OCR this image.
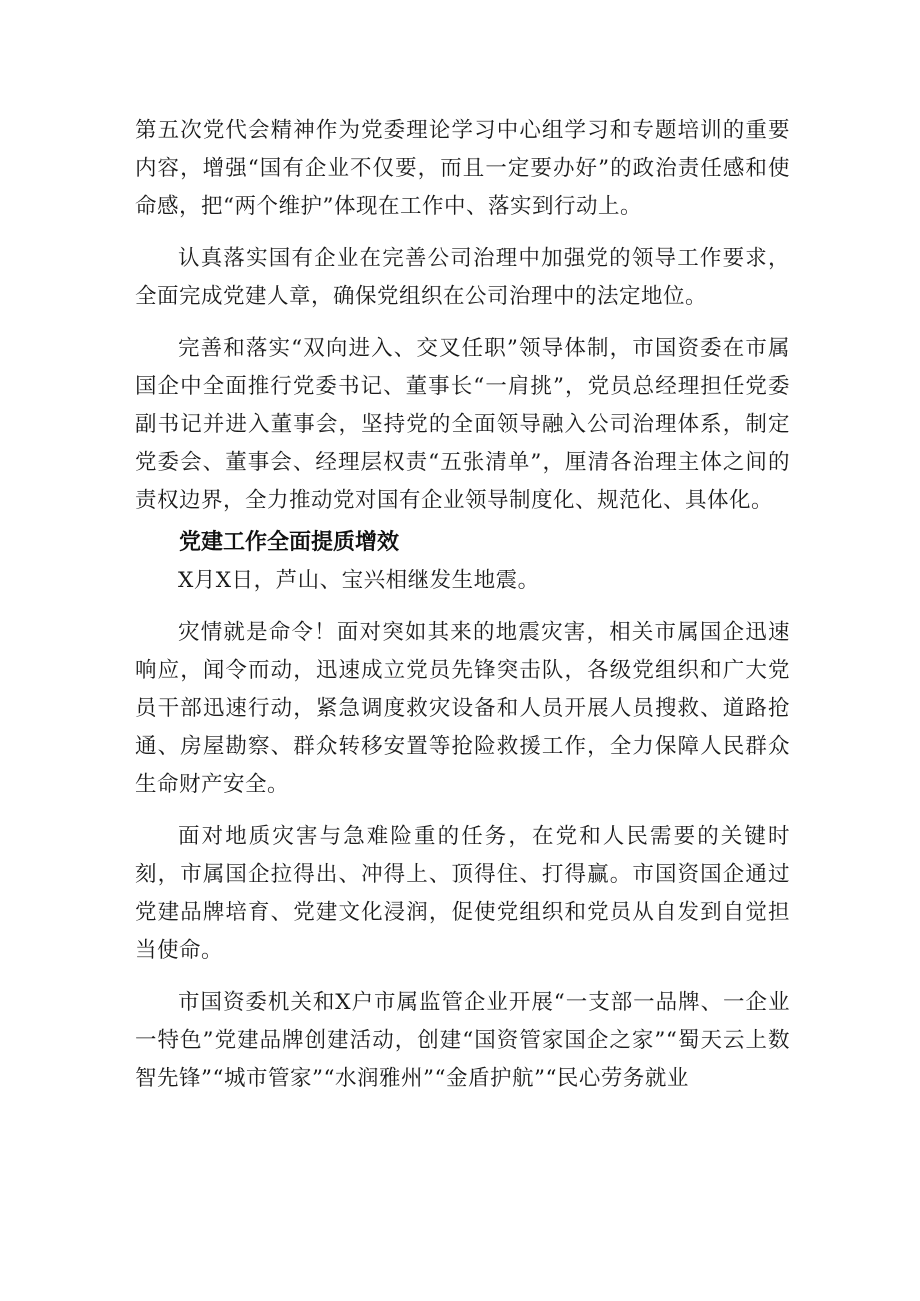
第五次党代会精神作为党委理论学习中心组学习和专题培训的重要内容，增强“国有企业不仅要，而且一定要办好”的政治责任感和使命感，把“两个维护”体现在工作中、落实到行动上。

认真落实国有企业在完善公司治理中加强党的领导工作要求，全面完成党建人章，确保党组织在公司治理中的法定地位。

完善和落实“双向进入、交叉任职”领导体制，市国资委在市属国企中全面推行党委书记、董事长“一肩挑”，党员总经理担任党委副书记并进入董事会，坚持党的全面领导融入公司治理体系，制定党委会、董事会、经理层权责“五张清单”，厘清各治理主体之间的责权边界，全力推动党对国有企业领导制度化、规范化、具体化。

党建工作全面提质增效

X月X日，芦山、宝兴相继发生地震。

灾情就是命令！面对突如其来的地震灾害，相关市属国企迅速响应，闻令而动，迅速成立党员先锋突击队，各级党组织和广大党员干部迅速行动，紧急调度救灾设备和人员开展人员搜救、道路抢通、房屋勘察、群众转移安置等抢险救援工作，全力保障人民群众生命财产安全。

面对地质灾害与急难险重的任务，在党和人民需要的关键时刻，市属国企拉得出、冲得上、顶得住、打得赢。市国资国企通过党建品牌培育、党建文化浸润，促使党组织和党员从自发到自觉担当使命。

市国资委机关和X户市属监管企业开展“一支部一品牌、一企业一特色”党建品牌创建活动，创建“国资管家国企之家”“蜀天云上数智先锋”“城市管家”“水润雅州”“金盾护航”“民心劳务就业
